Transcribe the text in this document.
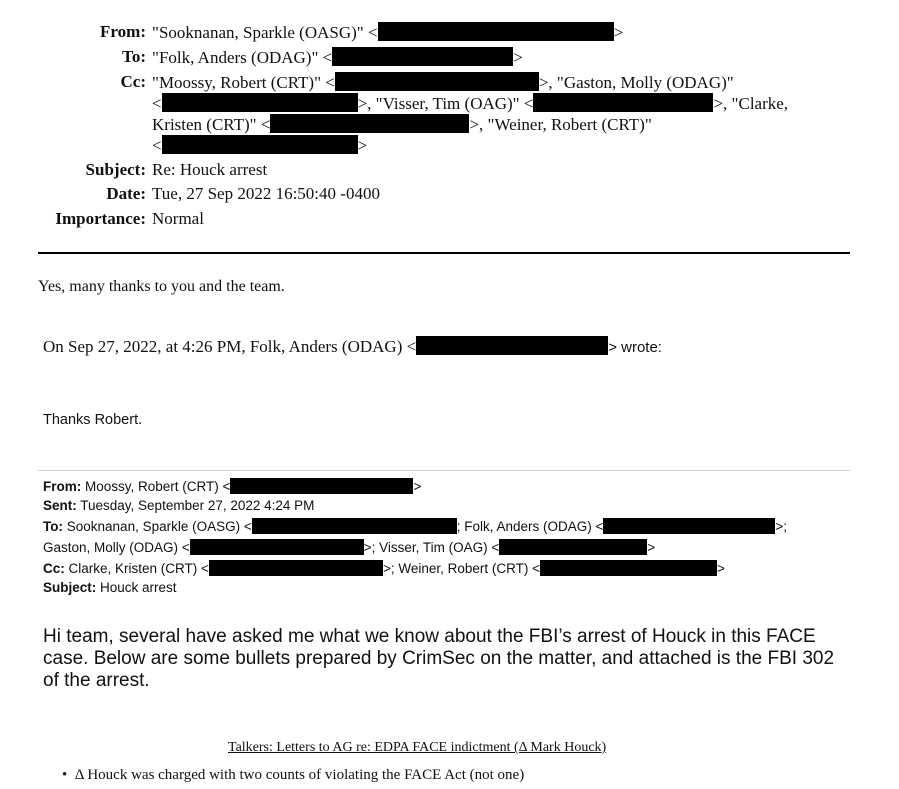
From: "Sooknanan, Sparkle (OASG)" <	>
To: "Folk, Anders (ODAG)" <	>
Cc: "Moossy, Robert (CRT)" <	>, "Gaston, Molly (ODAG)"
<	>, "Visser, Tim (OAG)" <	>, "Clarke,
Kristen (CRT)" <	>, "Weiner, Robert (CRT)"
<	>
Subject: Re: Houck arrest
Date: Tue, 27 Sep 2022 16:50:40 -0400
Importance: Normal
Yes, many thanks to you and the team.
On Sep 27, 2022, at 4:26 PM, Folk, Anders (ODAG) <	> wrote:
Thanks Robert.
From: Moossy, Robert (CRT) <	>
Sent: Tuesday, September 27, 2022 4:24 PM
To: Sooknanan, Sparkle (OASG) <	; Folk, Anders (ODAG) <	>;
Gaston, Molly (ODAG) <	>; Visser, Tim (OAG) <	>
Cc: Clarke, Kristen (CRT) <	>; Weiner, Robert (CRT) <	>
Subject: Houck arrest
Hi team, several have asked me what we know about the FBI’s arrest of Houck in this FACE case. Below are some bullets prepared by CrimSec on the matter, and attached is the FBI 302 of the arrest.
Talkers: Letters to AG re: EDPA FACE indictment (Δ Mark Houck)
•  Δ Houck was charged with two counts of violating the FACE Act (not one)
